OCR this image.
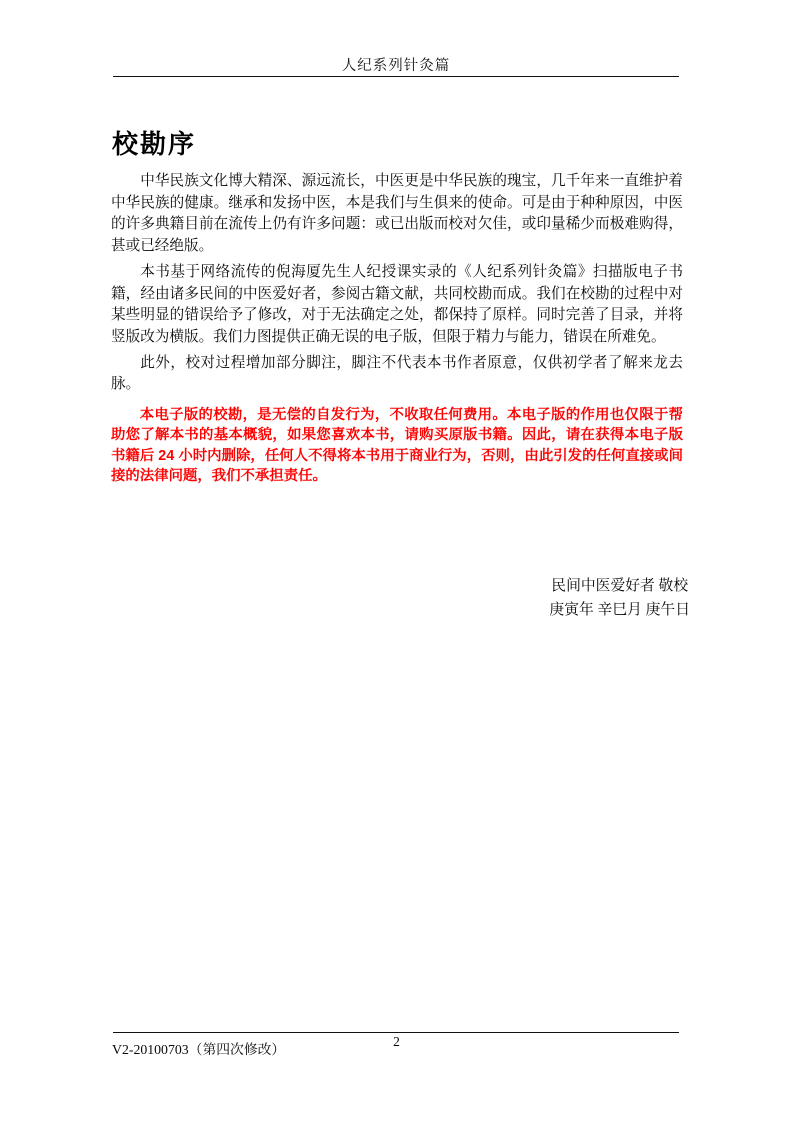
人纪系列针灸篇
校勘序

中华民族文化博大精深、源远流长，中医更是中华民族的瑰宝，几千年来一直维护着中华民族的健康。继承和发扬中医，本是我们与生俱来的使命。可是由于种种原因，中医的许多典籍目前在流传上仍有许多问题：或已出版而校对欠佳，或印量稀少而极难购得，甚或已经绝版。

本书基于网络流传的倪海厦先生人纪授课实录的《人纪系列针灸篇》扫描版电子书籍，经由诸多民间的中医爱好者，参阅古籍文献，共同校勘而成。我们在校勘的过程中对某些明显的错误给予了修改，对于无法确定之处，都保持了原样。同时完善了目录，并将竖版改为横版。我们力图提供正确无误的电子版，但限于精力与能力，错误在所难免。

此外，校对过程增加部分脚注，脚注不代表本书作者原意，仅供初学者了解来龙去脉。

本电子版的校勘，是无偿的自发行为，不收取任何费用。本电子版的作用也仅限于帮助您了解本书的基本概貌，如果您喜欢本书，请购买原版书籍。因此，请在获得本电子版书籍后 24 小时内删除，任何人不得将本书用于商业行为，否则，由此引发的任何直接或间接的法律问题，我们不承担责任。

民间中医爱好者 敬校
庚寅年 辛巳月 庚午日
2
V2-20100703（第四次修改）
